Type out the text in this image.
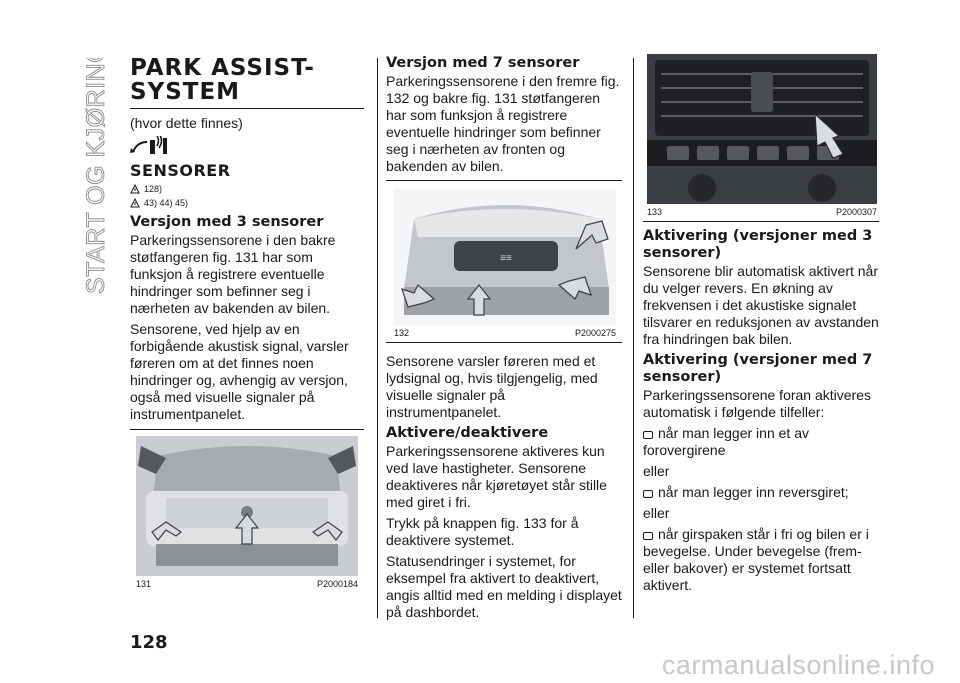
START OG KJØRING PARK ASSIST-
SYSTEM
(hvor dette finnes)
SENSORER
128)
43) 44) 45)
Versjon med 3 sensorer

Parkeringssensorene i den bakre støtfangeren fig. 131 har som funksjon å registrere eventuelle hindringer som befinner seg i nærheten av bakenden av bilen.

Sensorene, ved hjelp av en forbigående akustisk signal, varsler føreren om at det finnes noen hindringer og, avhengig av versjon, også med visuelle signaler på instrumentpanelet.

131	P2000184
Versjon med 7 sensorer

Parkeringssensorene i den fremre fig. 132 og bakre fig. 131 støtfangeren har som funksjon å registrere eventuelle hindringer som befinner seg i nærheten av fronten og bakenden av bilen.

≡≡
132	P2000275

Sensorene varsler føreren med et lydsignal og, hvis tilgjengelig, med visuelle signaler på instrumentpanelet.

Aktivere/deaktivere

Parkeringssensorene aktiveres kun ved lave hastigheter. Sensorene deaktiveres når kjøretøyet står stille med giret i fri.

Trykk på knappen fig. 133 for å deaktivere systemet.

Statusendringer i systemet, for eksempel fra aktivert to deaktivert, angis alltid med en melding i displayet på dashbordet.

133	P2000307
Aktivering (versjoner med 3 sensorer)

Sensorene blir automatisk aktivert når du velger revers. En økning av frekvensen i det akustiske signalet tilsvarer en reduksjonen av avstanden fra hindringen bak bilen.

Aktivering (versjoner med 7 sensorer)

Parkeringssensorene foran aktiveres automatisk i følgende tilfeller:

når man legger inn et av forovergirene

eller

når man legger inn reversgiret;

eller

når girspaken står i fri og bilen er i bevegelse. Under bevegelse (frem- eller bakover) er systemet fortsatt aktivert.

128
carmanualsonline.info
